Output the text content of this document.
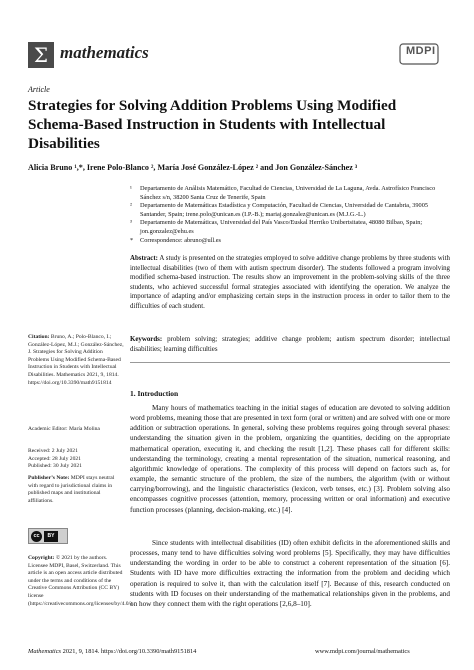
Σ mathematics	MDPI
Article
Strategies for Solving Addition Problems Using Modified Schema-Based Instruction in Students with Intellectual Disabilities
Alicia Bruno ¹,*, Irene Polo-Blanco ², María José González-López ² and Jon González-Sánchez ³
¹	Departamento de Análisis Matemático, Facultad de Ciencias, Universidad de La Laguna, Avda. Astrofísico Francisco Sánchez s/n, 38200 Santa Cruz de Tenerife, Spain
²	Departamento de Matemáticas Estadística y Computación, Facultad de Ciencias, Universidad de Cantabria, 39005 Santander, Spain; irene.polo@unican.es (I.P.-B.); mariaj.gonzalez@unican.es (M.J.G.-L.)
³	Departamento de Matemáticas, Universidad del País Vasco/Euskal Herriko Unibertsitatea, 48080 Bilbao, Spain; jon.gonzalez@ehu.es
*	Correspondence: abruno@ull.es
Abstract: A study is presented on the strategies employed to solve additive change problems by three students with intellectual disabilities (two of them with autism spectrum disorder). The students followed a program involving modified schema-based instruction. The results show an improvement in the problem-solving skills of the three students, who achieved successful formal strategies associated with identifying the operation. We analyze the importance of adapting and/or emphasizing certain steps in the instruction process in order to tailor them to the difficulties of each student.
Keywords: problem solving; strategies; additive change problem; autism spectrum disorder; intellectual disabilities; learning difficulties
1. Introduction
Many hours of mathematics teaching in the initial stages of education are devoted to solving addition word problems, meaning those that are presented in text form (oral or written) and are solved with one or more addition or subtraction operations. In general, solving these problems requires going through several phases: understanding the situation given in the problem, organizing the quantities, deciding on the appropriate mathematical operation, executing it, and checking the result [1,2]. These phases call for different skills: understanding the terminology, creating a mental representation of the situation, numerical reasoning, and algorithmic knowledge of operations. The complexity of this process will depend on factors such as, for example, the semantic structure of the problem, the size of the numbers, the algorithm (with or without carrying/borrowing), and the linguistic characteristics (lexicon, verb tenses, etc.) [3]. Problem solving also encompasses cognitive processes (attention, memory, processing written or oral information) and executive function processes (planning, decision-making, etc.) [4].
Since students with intellectual disabilities (ID) often exhibit deficits in the aforementioned skills and processes, many tend to have difficulties solving word problems [5]. Specifically, they may have difficulties understanding the wording in order to be able to construct a coherent representation of the situation [6]. Students with ID have more difficulties extracting the information from the problem and deciding which operation is required to solve it, than with the calculation itself [7]. Because of this, research conducted on students with ID focuses on their understanding of the mathematical relationships given in the problems, and on how they connect them with the right operations [2,6,8–10].
Citation: Bruno, A.; Polo-Blanco, I.; González-López, M.J.; González-Sánchez, J. Strategies for Solving Addition Problems Using Modified Schema-Based Instruction in Students with Intellectual Disabilities. Mathematics 2021, 9, 1814. https://doi.org/10.3390/math9151814
Academic Editor: María Molina
Received: 2 July 2021
Accepted: 28 July 2021
Published: 30 July 2021
Publisher’s Note: MDPI stays neutral with regard to jurisdictional claims in published maps and institutional affiliations.
cc	BY
Copyright: © 2021 by the authors. Licensee MDPI, Basel, Switzerland. This article is an open access article distributed under the terms and conditions of the Creative Commons Attribution (CC BY) license (https://creativecommons.org/licenses/by/4.0/).
Mathematics 2021, 9, 1814. https://doi.org/10.3390/math9151814	www.mdpi.com/journal/mathematics
